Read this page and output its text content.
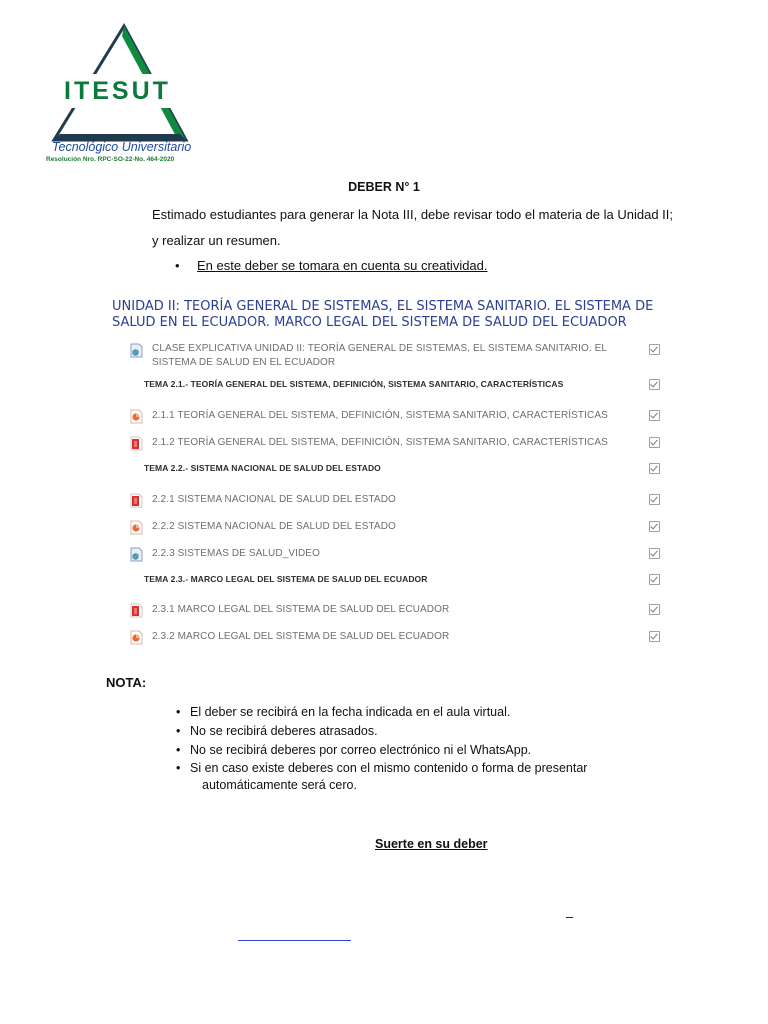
ITESUT
Tecnológico Universitario
Resolución Nro. RPC-SO-22-No. 464-2020
DEBER N° 1
Estimado estudiantes para generar la Nota III, debe revisar todo el materia de la Unidad II;
y realizar un resumen.
• En este deber se tomara en cuenta su creatividad.
UNIDAD II: TEORÍA GENERAL DE SISTEMAS, EL SISTEMA SANITARIO. EL SISTEMA DE SALUD EN EL ECUADOR. MARCO LEGAL DEL SISTEMA DE SALUD DEL ECUADOR
CLASE EXPLICATIVA UNIDAD II: TEORÍA GENERAL DE SISTEMAS, EL SISTEMA SANITARIO. EL SISTEMA DE SALUD EN EL ECUADOR
TEMA 2.1.- TEORÍA GENERAL DEL SISTEMA, DEFINICIÓN, SISTEMA SANITARIO, CARACTERÍSTICAS
2.1.1 TEORÍA GENERAL DEL SISTEMA, DEFINICIÓN, SISTEMA SANITARIO, CARACTERÍSTICAS
2.1.2 TEORÍA GENERAL DEL SISTEMA, DEFINICIÓN, SISTEMA SANITARIO, CARACTERÍSTICAS
TEMA 2.2.- SISTEMA NACIONAL DE SALUD DEL ESTADO
2.2.1 SISTEMA NACIONAL DE SALUD DEL ESTADO
2.2.2 SISTEMA NACIONAL DE SALUD DEL ESTADO
2.2.3 SISTEMAS DE SALUD_VIDEO
TEMA 2.3.- MARCO LEGAL DEL SISTEMA DE SALUD DEL ECUADOR
2.3.1 MARCO LEGAL DEL SISTEMA DE SALUD DEL ECUADOR
2.3.2 MARCO LEGAL DEL SISTEMA DE SALUD DEL ECUADOR
NOTA:
• El deber se recibirá en la fecha indicada en el aula virtual.
• No se recibirá deberes atrasados.
• No se recibirá deberes por correo electrónico ni el WhatsApp.
• Si en caso existe deberes con el mismo contenido o forma de presentar
automáticamente será cero.
Suerte en su deber
